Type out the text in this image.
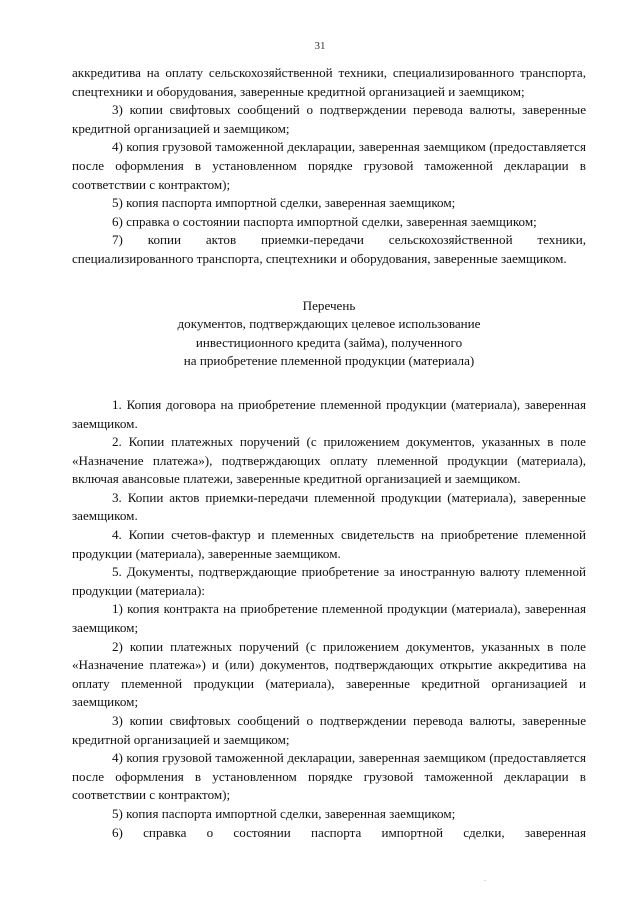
31

аккредитива на оплату сельскохозяйственной техники, специализированного транспорта, спецтехники и оборудования, заверенные кредитной организацией и заемщиком;

3) копии свифтовых сообщений о подтверждении перевода валюты, заверенные кредитной организацией и заемщиком;

4) копия грузовой таможенной декларации, заверенная заемщиком (предоставляется после оформления в установленном порядке грузовой таможенной декларации в соответствии с контрактом);

5) копия паспорта импортной сделки, заверенная заемщиком;

6) справка о состоянии паспорта импортной сделки, заверенная заемщиком;

7) копии актов приемки-передачи сельскохозяйственной техники, специализированного транспорта, спецтехники и оборудования, заверенные заемщиком.

Перечень
документов, подтверждающих целевое использование
инвестиционного кредита (займа), полученного
на приобретение племенной продукции (материала)

1. Копия договора на приобретение племенной продукции (материала), заверенная заемщиком.

2. Копии платежных поручений (с приложением документов, указанных в поле «Назначение платежа»), подтверждающих оплату племенной продукции (материала), включая авансовые платежи, заверенные кредитной организацией и заемщиком.

3. Копии актов приемки-передачи племенной продукции (материала), заверенные заемщиком.

4. Копии счетов-фактур и племенных свидетельств на приобретение племенной продукции (материала), заверенные заемщиком.

5. Документы, подтверждающие приобретение за иностранную валюту племенной продукции (материала):

1) копия контракта на приобретение племенной продукции (материала), заверенная заемщиком;

2) копии платежных поручений (с приложением документов, указанных в поле «Назначение платежа») и (или) документов, подтверждающих открытие аккредитива на оплату племенной продукции (материала), заверенные кредитной организацией и заемщиком;

3) копии свифтовых сообщений о подтверждении перевода валюты, заверенные кредитной организацией и заемщиком;

4) копия грузовой таможенной декларации, заверенная заемщиком (предоставляется после оформления в установленном порядке грузовой таможенной декларации в соответствии с контрактом);

5) копия паспорта импортной сделки, заверенная заемщиком;

6) справка о состоянии паспорта импортной сделки, заверенная

.
